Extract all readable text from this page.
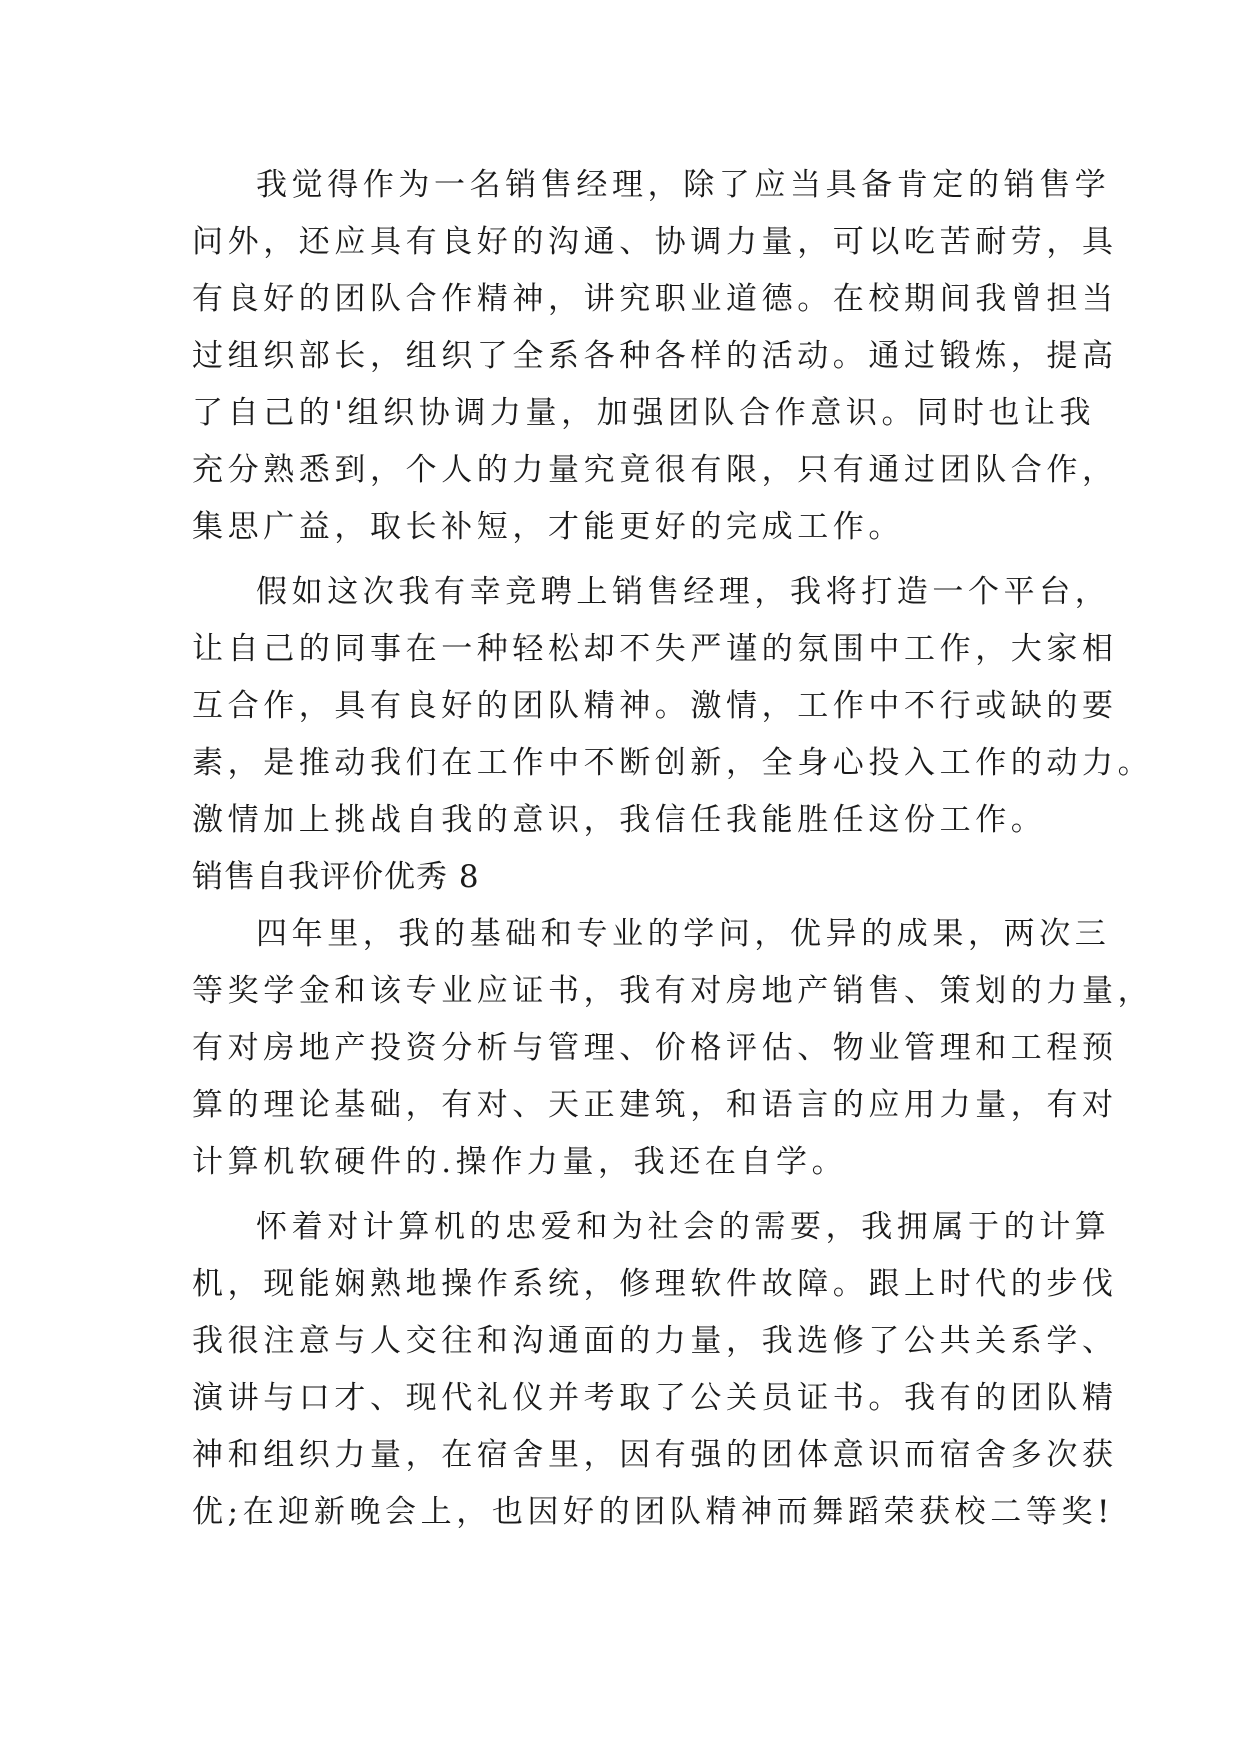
我觉得作为一名销售经理，除了应当具备肯定的销售学
问外，还应具有良好的沟通、协调力量，可以吃苦耐劳，具
有良好的团队合作精神，讲究职业道德。在校期间我曾担当
过组织部长，组织了全系各种各样的活动。通过锻炼，提高
了自己的'组织协调力量，加强团队合作意识。同时也让我
充分熟悉到，个人的力量究竟很有限，只有通过团队合作，
集思广益，取长补短，才能更好的完成工作。
假如这次我有幸竞聘上销售经理，我将打造一个平台，
让自己的同事在一种轻松却不失严谨的氛围中工作，大家相
互合作，具有良好的团队精神。激情，工作中不行或缺的要
素，是推动我们在工作中不断创新，全身心投入工作的动力。
激情加上挑战自我的意识，我信任我能胜任这份工作。
销售自我评价优秀 8
四年里，我的基础和专业的学问，优异的成果，两次三
等奖学金和该专业应证书，我有对房地产销售、策划的力量，
有对房地产投资分析与管理、价格评估、物业管理和工程预
算的理论基础，有对、天正建筑，和语言的应用力量，有对
计算机软硬件的.操作力量，我还在自学。
怀着对计算机的忠爱和为社会的需要，我拥属于的计算
机，现能娴熟地操作系统，修理软件故障。跟上时代的步伐
我很注意与人交往和沟通面的力量，我选修了公共关系学、
演讲与口才、现代礼仪并考取了公关员证书。我有的团队精
神和组织力量，在宿舍里，因有强的团体意识而宿舍多次获
优;在迎新晚会上，也因好的团队精神而舞蹈荣获校二等奖!
